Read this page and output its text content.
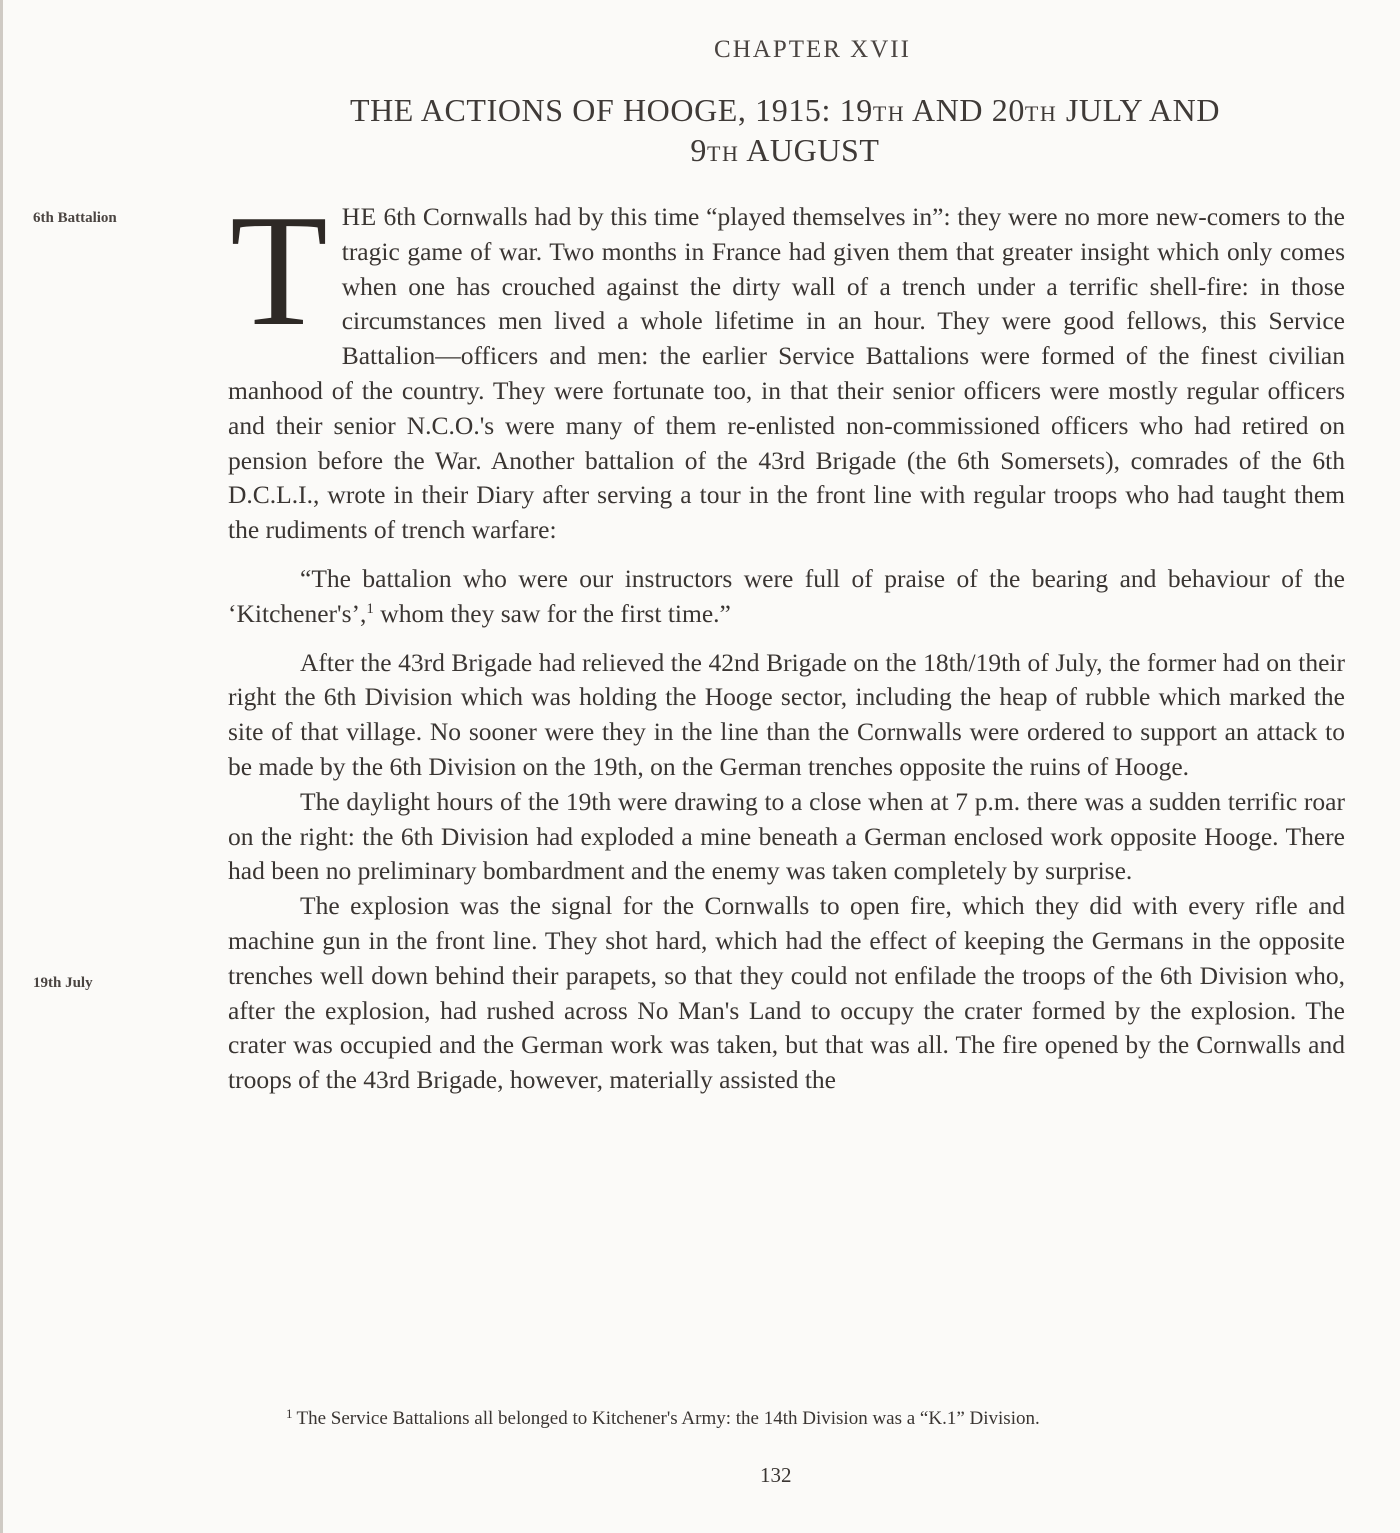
CHAPTER XVII
THE ACTIONS OF HOOGE, 1915: 19TH AND 20TH JULY AND
9TH AUGUST
6th Battalion
19th July

THE 6th Cornwalls had by this time “played themselves in”: they were no more new-comers to the tragic game of war. Two months in France had given them that greater insight which only comes when one has crouched against the dirty wall of a trench under a terrific shell-fire: in those circumstances men lived a whole lifetime in an hour. They were good fellows, this Service Battalion—officers and men: the earlier Service Battalions were formed of the finest civilian manhood of the country. They were fortunate too, in that their senior officers were mostly regular officers and their senior N.C.O.'s were many of them re-enlisted non-commissioned officers who had retired on pension before the War. Another battalion of the 43rd Brigade (the 6th Somersets), comrades of the 6th D.C.L.I., wrote in their Diary after serving a tour in the front line with regular troops who had taught them the rudiments of trench warfare:

“The battalion who were our instructors were full of praise of the bearing and behaviour of the ‘Kitchener's’,$^1$ whom they saw for the first time.”

After the 43rd Brigade had relieved the 42nd Brigade on the 18th/19th of July, the former had on their right the 6th Division which was holding the Hooge sector, including the heap of rubble which marked the site of that village. No sooner were they in the line than the Cornwalls were ordered to support an attack to be made by the 6th Division on the 19th, on the German trenches opposite the ruins of Hooge.

The daylight hours of the 19th were drawing to a close when at 7 p.m. there was a sudden terrific roar on the right: the 6th Division had exploded a mine beneath a German enclosed work opposite Hooge. There had been no preliminary bombardment and the enemy was taken completely by surprise.

The explosion was the signal for the Cornwalls to open fire, which they did with every rifle and machine gun in the front line. They shot hard, which had the effect of keeping the Germans in the opposite trenches well down behind their parapets, so that they could not enfilade the troops of the 6th Division who, after the explosion, had rushed across No Man's Land to occupy the crater formed by the explosion. The crater was occupied and the German work was taken, but that was all. The fire opened by the Cornwalls and troops of the 43rd Brigade, however, materially assisted the

$^1$ The Service Battalions all belonged to Kitchener's Army: the 14th Division was a “K.1” Division.
132
